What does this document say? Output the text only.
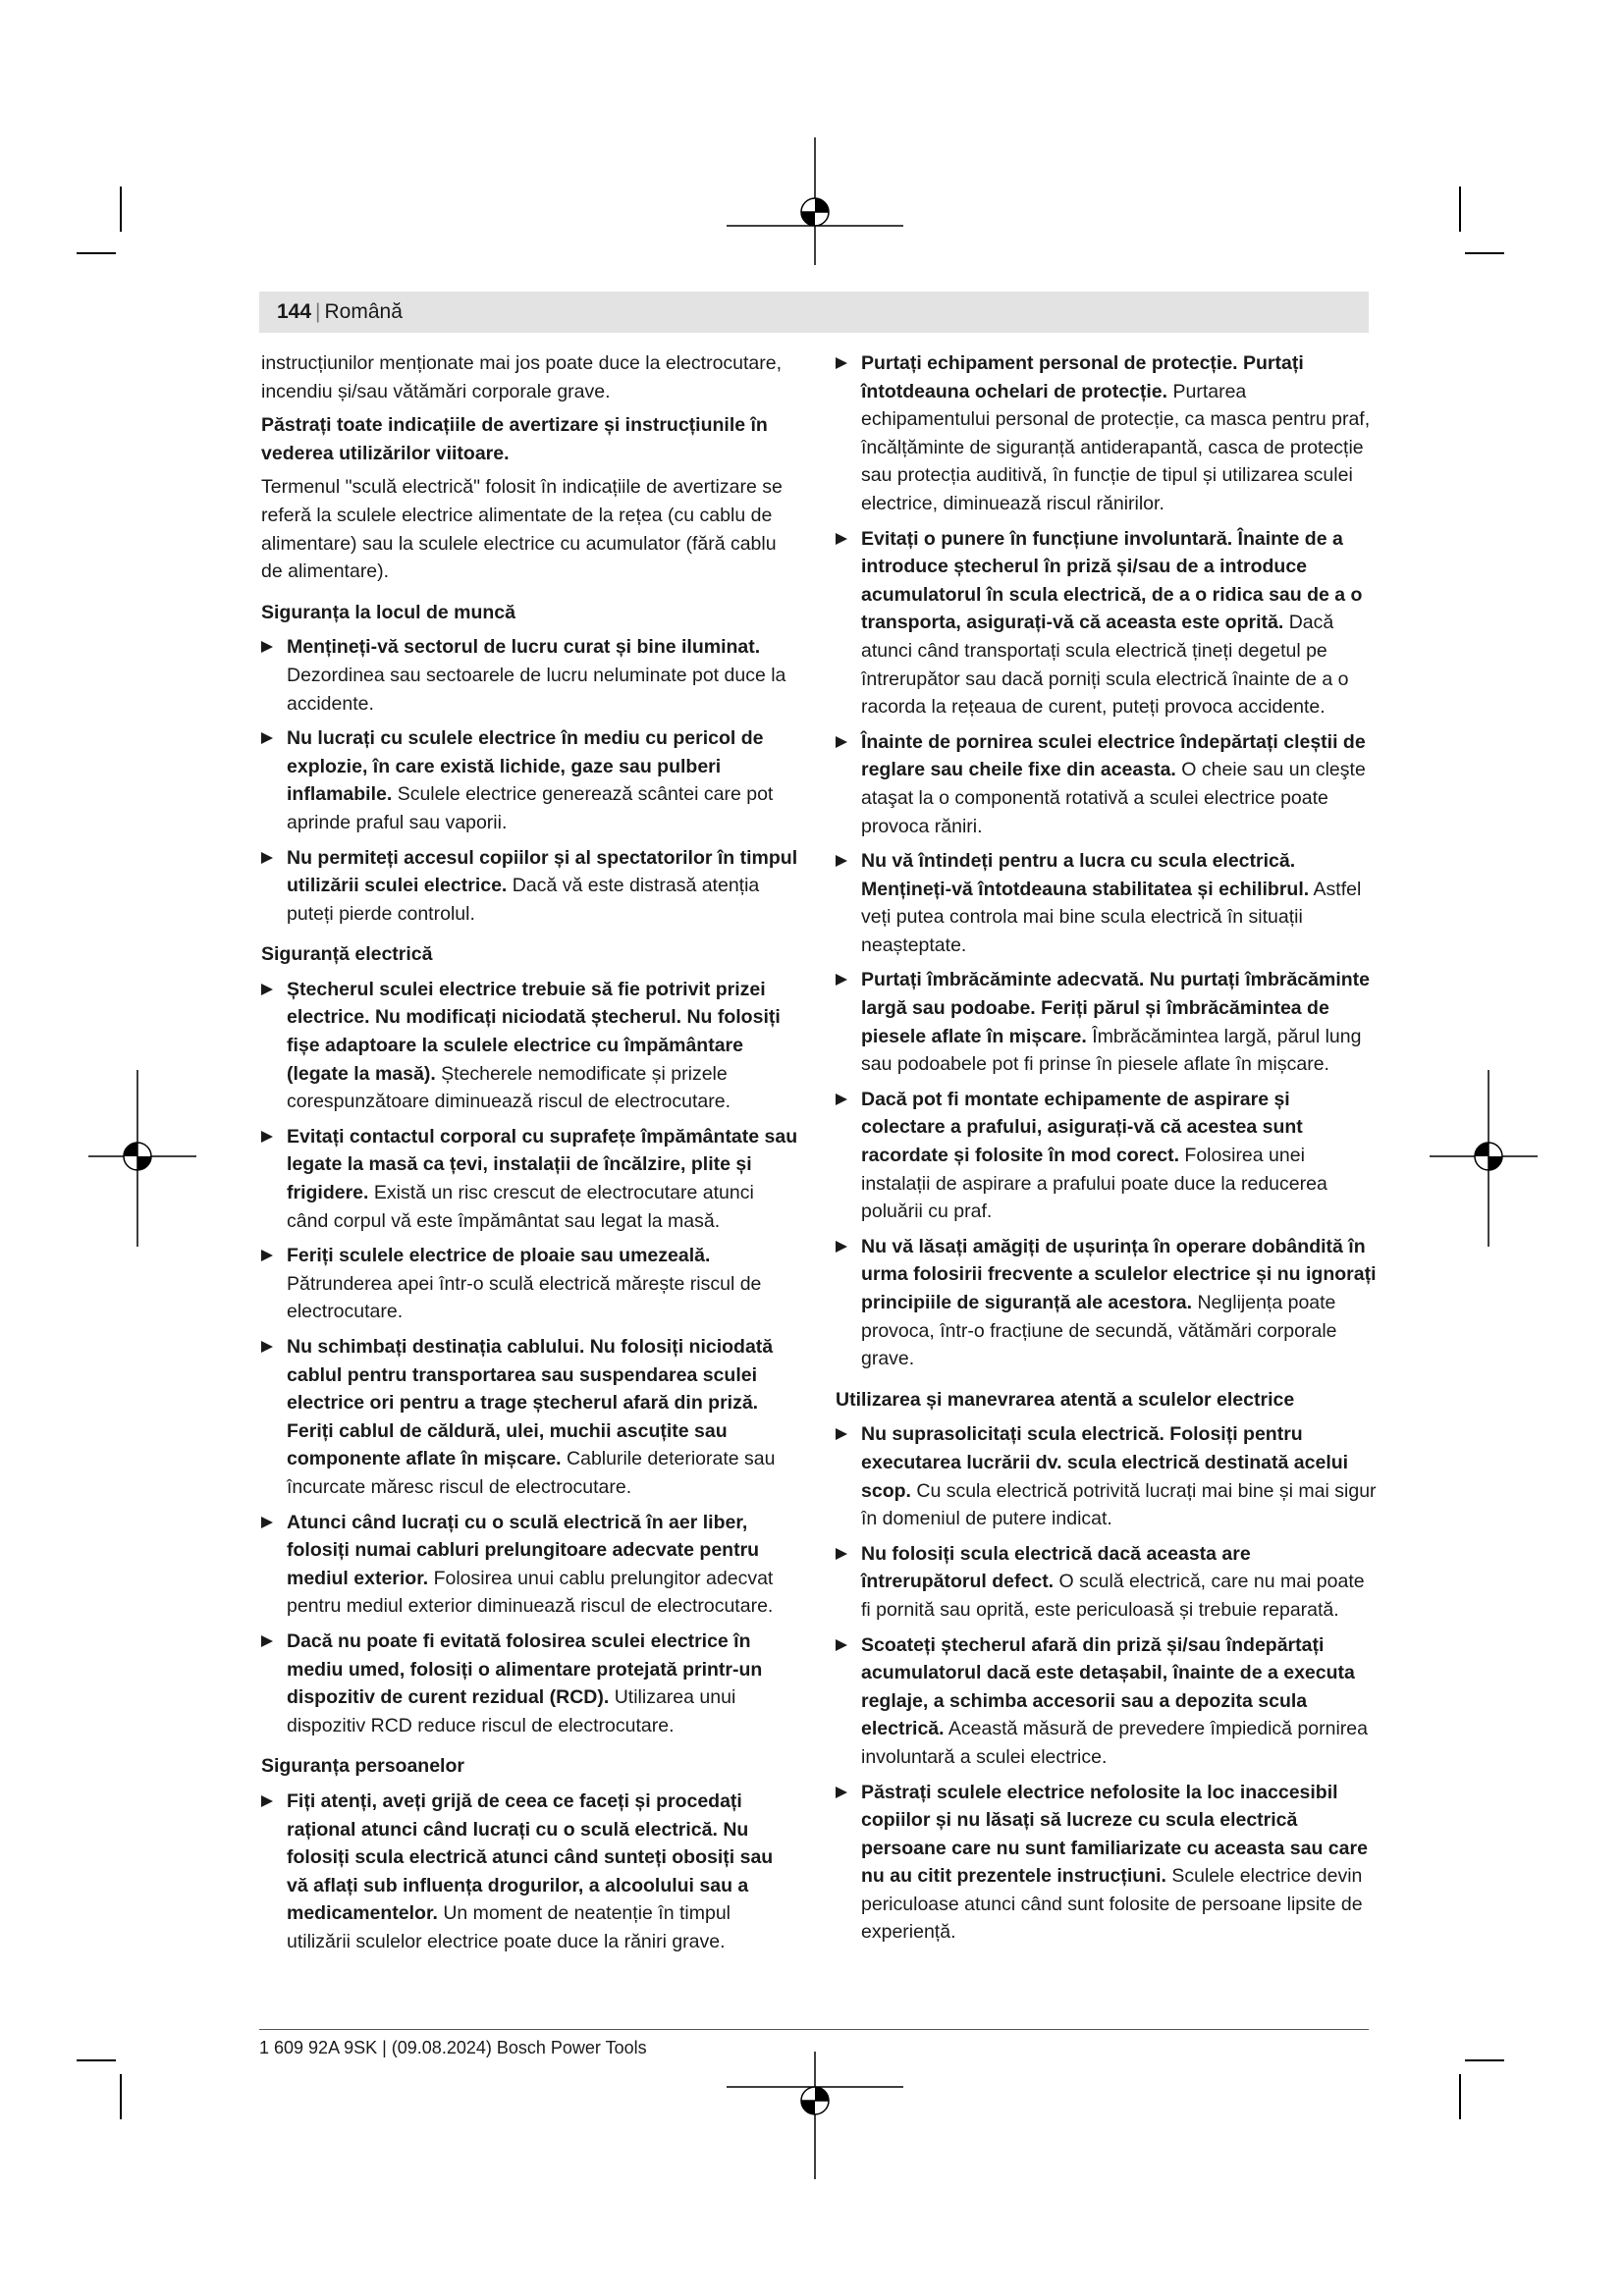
144 | Română

instrucțiunilor menționate mai jos poate duce la electrocutare, incendiu și/sau vătămări corporale grave.

Păstrați toate indicațiile de avertizare și instrucțiunile în vederea utilizărilor viitoare.

Termenul "sculă electrică" folosit în indicațiile de avertizare se referă la sculele electrice alimentate de la rețea (cu cablu de alimentare) sau la sculele electrice cu acumulator (fără cablu de alimentare).

Siguranța la locul de muncă
Mențineți-vă sectorul de lucru curat și bine iluminat. Dezordinea sau sectoarele de lucru neluminate pot duce la accidente.
Nu lucrați cu sculele electrice în mediu cu pericol de explozie, în care există lichide, gaze sau pulberi inflamabile. Sculele electrice generează scântei care pot aprinde praful sau vaporii.
Nu permiteți accesul copiilor și al spectatorilor în timpul utilizării sculei electrice. Dacă vă este distrasă atenția puteți pierde controlul.
Siguranță electrică
Ștecherul sculei electrice trebuie să fie potrivit prizei electrice. Nu modificați niciodată ștecherul. Nu folosiți fișe adaptoare la sculele electrice cu împământare (legate la masă). Ștecherele nemodificate și prizele corespunzătoare diminuează riscul de electrocutare.
Evitați contactul corporal cu suprafețe împământate sau legate la masă ca țevi, instalații de încălzire, plite și frigidere. Există un risc crescut de electrocutare atunci când corpul vă este împământat sau legat la masă.
Feriți sculele electrice de ploaie sau umezeală. Pătrunderea apei într-o sculă electrică mărește riscul de electrocutare.
Nu schimbați destinația cablului. Nu folosiți niciodată cablul pentru transportarea sau suspendarea sculei electrice ori pentru a trage ștecherul afară din priză. Feriți cablul de căldură, ulei, muchii ascuțite sau componente aflate în mișcare. Cablurile deteriorate sau încurcate măresc riscul de electrocutare.
Atunci când lucrați cu o sculă electrică în aer liber, folosiți numai cabluri prelungitoare adecvate pentru mediul exterior. Folosirea unui cablu prelungitor adecvat pentru mediul exterior diminuează riscul de electrocutare.
Dacă nu poate fi evitată folosirea sculei electrice în mediu umed, folosiți o alimentare protejată printr-un dispozitiv de curent rezidual (RCD). Utilizarea unui dispozitiv RCD reduce riscul de electrocutare.
Siguranța persoanelor
Fiți atenți, aveți grijă de ceea ce faceți și procedați rațional atunci când lucrați cu o sculă electrică. Nu folosiți scula electrică atunci când sunteți obosiți sau vă aflați sub influența drogurilor, a alcoolului sau a medicamentelor. Un moment de neatenție în timpul utilizării sculelor electrice poate duce la răniri grave.
Purtați echipament personal de protecție. Purtați întotdeauna ochelari de protecție. Purtarea echipamentului personal de protecție, ca masca pentru praf, încălțăminte de siguranță antiderapantă, casca de protecție sau protecția auditivă, în funcție de tipul și utilizarea sculei electrice, diminuează riscul rănirilor.
Evitați o punere în funcțiune involuntară. Înainte de a introduce ștecherul în priză și/sau de a introduce acumulatorul în scula electrică, de a o ridica sau de a o transporta, asigurați-vă că aceasta este oprită. Dacă atunci când transportați scula electrică țineți degetul pe întrerupător sau dacă porniți scula electrică înainte de a o racorda la rețeaua de curent, puteți provoca accidente.
Înainte de pornirea sculei electrice îndepărtați cleștii de reglare sau cheile fixe din aceasta. O cheie sau un cleşte ataşat la o componentă rotativă a sculei electrice poate provoca răniri.
Nu vă întindeți pentru a lucra cu scula electrică. Mențineți-vă întotdeauna stabilitatea și echilibrul. Astfel veți putea controla mai bine scula electrică în situații neașteptate.
Purtați îmbrăcăminte adecvată. Nu purtați îmbrăcăminte largă sau podoabe. Feriți părul și îmbrăcămintea de piesele aflate în mișcare. Îmbrăcămintea largă, părul lung sau podoabele pot fi prinse în piesele aflate în mișcare.
Dacă pot fi montate echipamente de aspirare și colectare a prafului, asigurați-vă că acestea sunt racordate și folosite în mod corect. Folosirea unei instalații de aspirare a prafului poate duce la reducerea poluării cu praf.
Nu vă lăsați amăgiți de ușurința în operare dobândită în urma folosirii frecvente a sculelor electrice și nu ignorați principiile de siguranță ale acestora. Neglijența poate provoca, într-o fracțiune de secundă, vătămări corporale grave.
Utilizarea și manevrarea atentă a sculelor electrice
Nu suprasolicitați scula electrică. Folosiți pentru executarea lucrării dv. scula electrică destinată acelui scop. Cu scula electrică potrivită lucrați mai bine și mai sigur în domeniul de putere indicat.
Nu folosiți scula electrică dacă aceasta are întrerupătorul defect. O sculă electrică, care nu mai poate fi pornită sau oprită, este periculoasă și trebuie reparată.
Scoateți ștecherul afară din priză și/sau îndepărtați acumulatorul dacă este detașabil, înainte de a executa reglaje, a schimba accesorii sau a depozita scula electrică. Această măsură de prevedere împiedică pornirea involuntară a sculei electrice.
Păstrați sculele electrice nefolosite la loc inaccesibil copiilor și nu lăsați să lucreze cu scula electrică persoane care nu sunt familiarizate cu aceasta sau care nu au citit prezentele instrucțiuni. Sculele electrice devin periculoase atunci când sunt folosite de persoane lipsite de experiență.
1 609 92A 9SK | (09.08.2024) Bosch Power Tools
